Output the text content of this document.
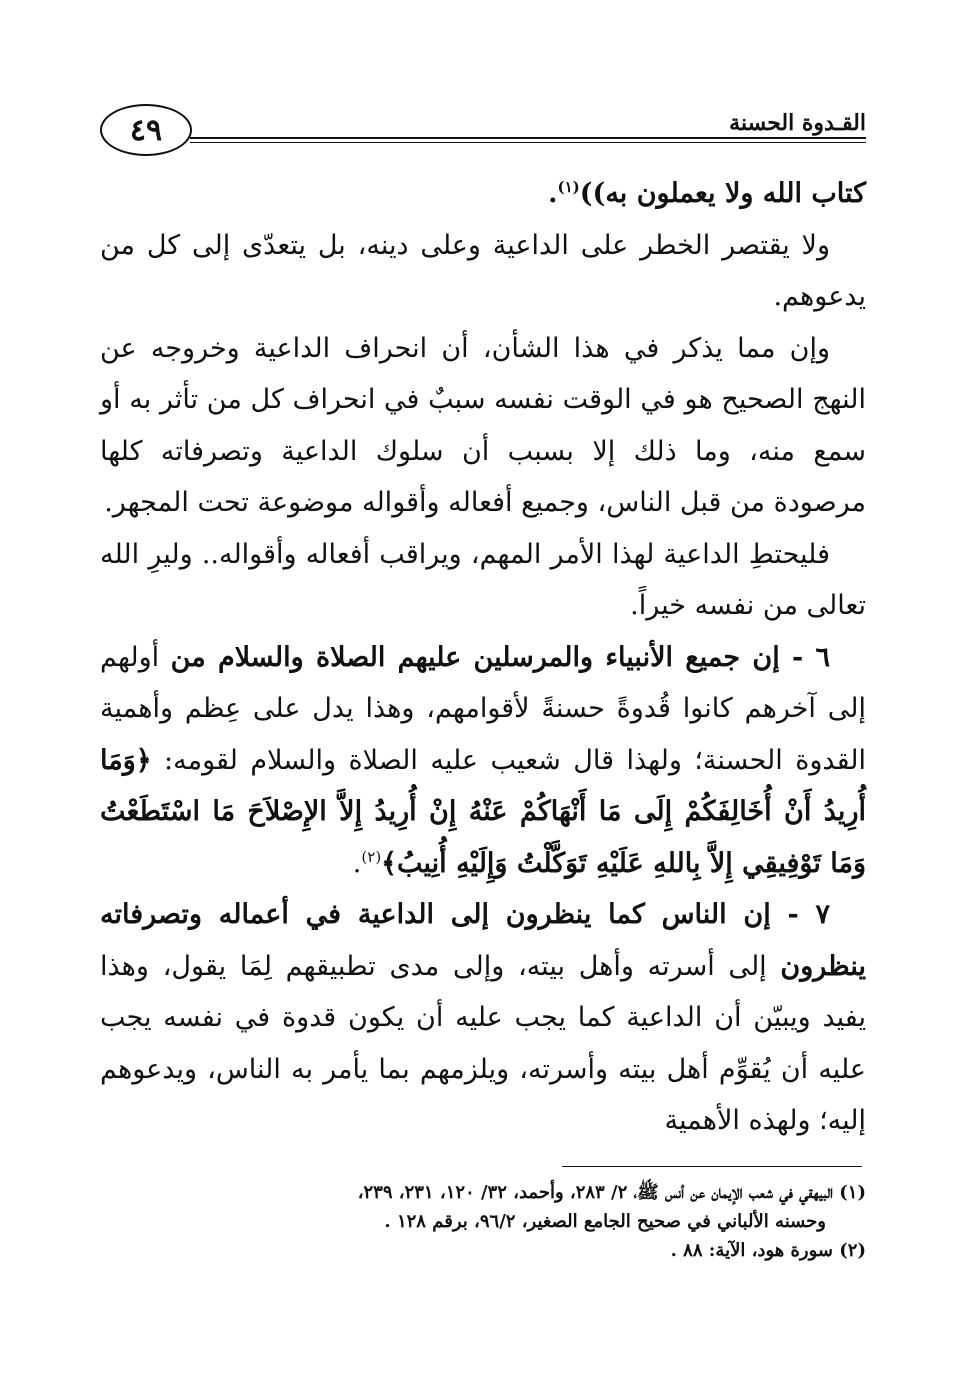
٤٩	القـدوة الحسنة

كتاب الله ولا يعملون به))$^{(١)}$.

ولا يقتصر الخطر على الداعية وعلى دينه، بل يتعدّى إلى كل من يدعوهم.

وإن مما يذكر في هذا الشأن، أن انحراف الداعية وخروجه عن النهج الصحيح هو في الوقت نفسه سببٌ في انحراف كل من تأثر به أو سمع منه، وما ذلك إلا بسبب أن سلوك الداعية وتصرفاته كلها مرصودة من قبل الناس، وجميع أفعاله وأقواله موضوعة تحت المجهر.

فليحتطِ الداعية لهذا الأمر المهم، ويراقب أفعاله وأقواله.. وليرِ الله تعالى من نفسه خيراً.

٦ - إن جميع الأنبياء والمرسلين عليهم الصلاة والسلام من أولهم إلى آخرهم كانوا قُدوةً حسنةً لأقوامهم، وهذا يدل على عِظم وأهمية القدوة الحسنة؛ ولهذا قال شعيب عليه الصلاة والسلام لقومه: ﴿وَمَا أُرِيدُ أَنْ أُخَالِفَكُمْ إِلَى مَا أَنْهَاكُمْ عَنْهُ إِنْ أُرِيدُ إِلاَّ الإِصْلاَحَ مَا اسْتَطَعْتُ وَمَا تَوْفِيقِي إِلاَّ بِاللهِ عَلَيْهِ تَوَكَّلْتُ وَإِلَيْهِ أُنِيبُ﴾$^{(٢)}$.

٧ - إن الناس كما ينظرون إلى الداعية في أعماله وتصرفاته ينظرون إلى أسرته وأهل بيته، وإلى مدى تطبيقهم لِمَا يقول، وهذا يفيد ويبيّن أن الداعية كما يجب عليه أن يكون قدوة في نفسه يجب عليه أن يُقوِّم أهل بيته وأسرته، ويلزمهم بما يأمر به الناس، ويدعوهم إليه؛ ولهذه الأهمية

(١) البيهقي في شعب الإيمان عن أنس ﷺ، ٢/ ٢٨٣، وأحمد، ٣٢/ ١٢٠، ٢٣١، ٢٣٩،

وحسنه الألباني في صحيح الجامع الصغير، ٩٦/٢، برقم ١٢٨ .

(٢) سورة هود، الآية: ٨٨ .
